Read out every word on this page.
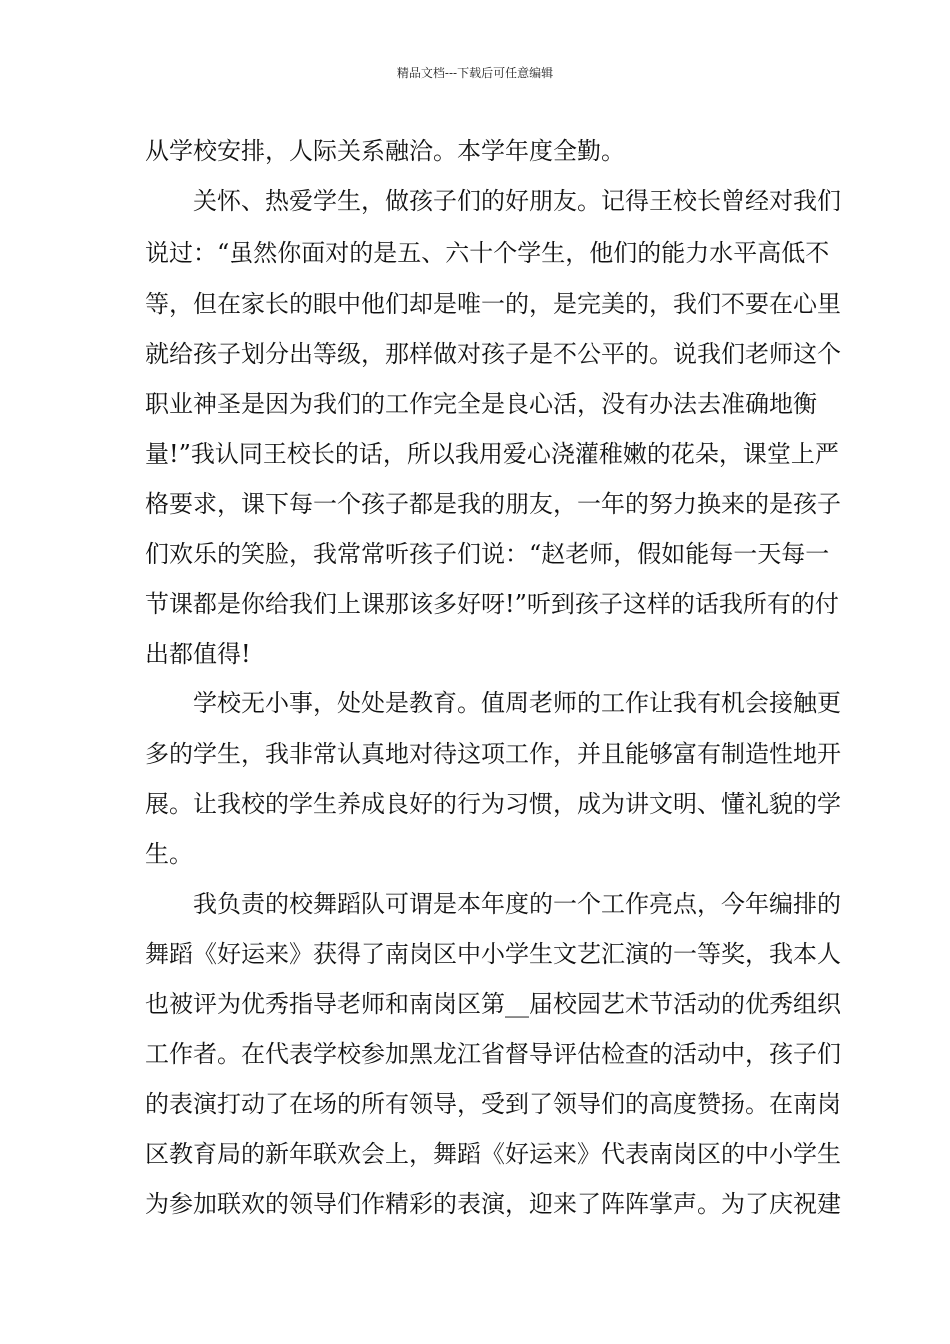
精品文档---下载后可任意编辑
从学校安排，人际关系融洽。本学年度全勤。
关怀、热爱学生，做孩子们的好朋友。记得王校长曾经对我们
说过：“虽然你面对的是五、六十个学生，他们的能力水平高低不
等，但在家长的眼中他们却是唯一的，是完美的，我们不要在心里
就给孩子划分出等级，那样做对孩子是不公平的。说我们老师这个
职业神圣是因为我们的工作完全是良心活，没有办法去准确地衡
量!”我认同王校长的话，所以我用爱心浇灌稚嫩的花朵，课堂上严
格要求，课下每一个孩子都是我的朋友，一年的努力换来的是孩子
们欢乐的笑脸，我常常听孩子们说：“赵老师，假如能每一天每一
节课都是你给我们上课那该多好呀!”听到孩子这样的话我所有的付
出都值得!
学校无小事，处处是教育。值周老师的工作让我有机会接触更
多的学生，我非常认真地对待这项工作，并且能够富有制造性地开
展。让我校的学生养成良好的行为习惯，成为讲文明、懂礼貌的学
生。
我负责的校舞蹈队可谓是本年度的一个工作亮点，今年编排的
舞蹈《好运来》获得了南岗区中小学生文艺汇演的一等奖，我本人
也被评为优秀指导老师和南岗区第__届校园艺术节活动的优秀组织
工作者。在代表学校参加黑龙江省督导评估检查的活动中，孩子们
的表演打动了在场的所有领导，受到了领导们的高度赞扬。在南岗
区教育局的新年联欢会上，舞蹈《好运来》代表南岗区的中小学生
为参加联欢的领导们作精彩的表演，迎来了阵阵掌声。为了庆祝建
